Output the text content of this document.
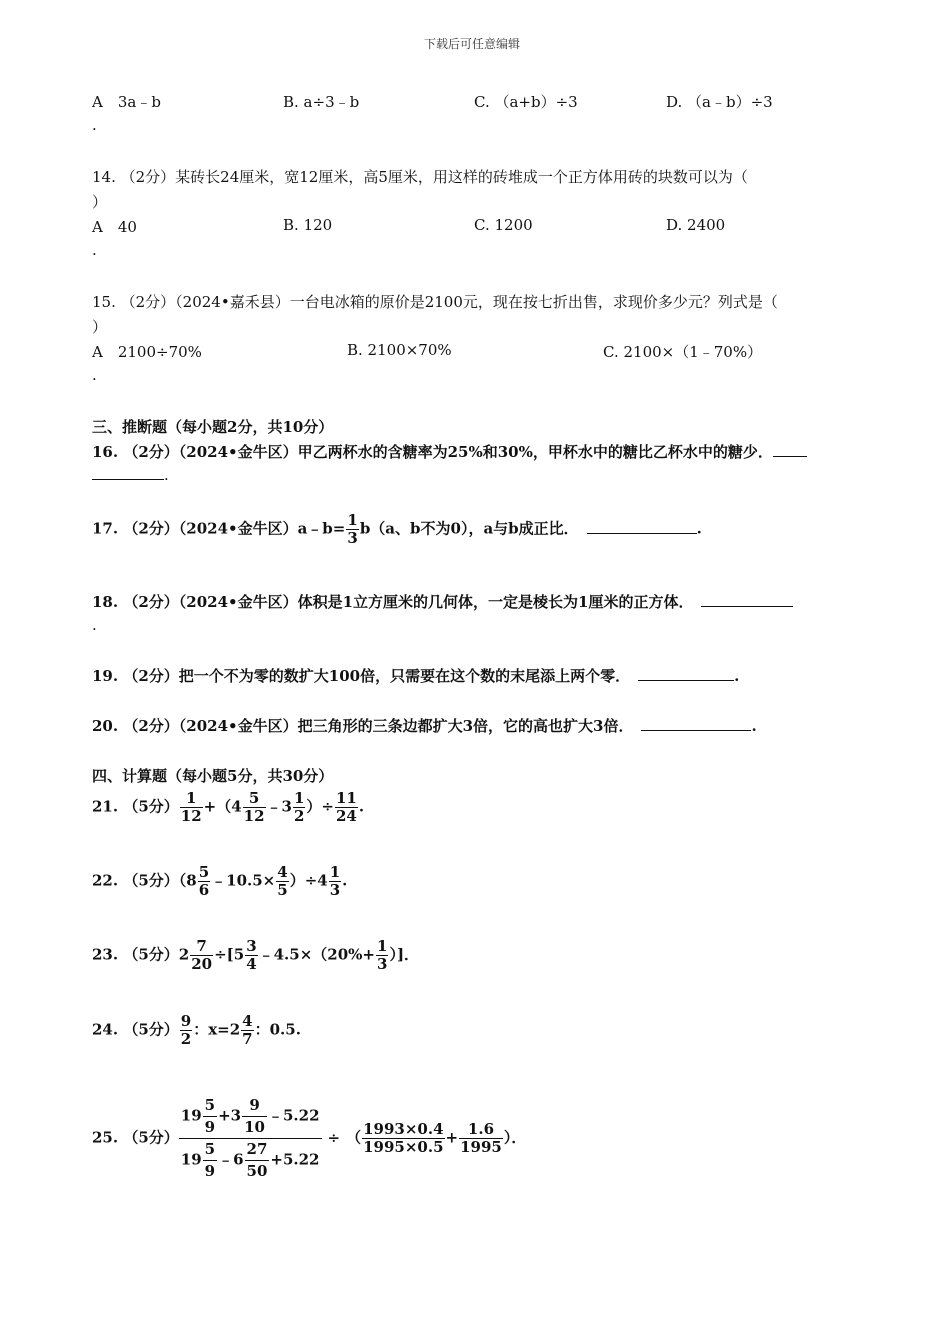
下载后可任意编辑
A　3a﹣b	B. a÷3﹣b	C. （a+b）÷3	D. （a﹣b）÷3
.
14. （2分）某砖长24厘米，宽12厘米，高5厘米，用这样的砖堆成一个正方体用砖的块数可以为（
）
A　40	B. 120	C. 1200	D. 2400
.
15. （2分）（2024•嘉禾县）一台电冰箱的原价是2100元，现在按七折出售，求现价多少元？列式是（
）
A　2100÷70%	B. 2100×70%	C. 2100×（1﹣70%）
.
三、推断题（每小题2分，共10分）
16. （2分）（2024•金牛区）甲乙两杯水的含糖率为25%和30%，甲杯水中的糖比乙杯水中的糖少．
.
17. （2分）（2024•金牛区）a﹣b= $\frac{1}{3} b(a$、b不为0），a与b成正比．	.
18. （2分）（2024•金牛区）体积是1立方厘米的几何体，一定是棱长为1厘米的正方体．
.
19. （2分）把一个不为零的数扩大100倍，只需要在这个数的末尾添上两个零．	.
20. （2分）（2024•金牛区）把三角形的三条边都扩大3倍，它的高也扩大3倍．	.
四、计算题（每小题5分，共30分）
21. （5分） $\frac{1}{12} +(4 \frac{5}{12}$ ﹣3 $\frac{1}{2}$ ）÷ $\frac{11}{24}$ .
22. （5分）（$8 \frac{5}{6}$ ﹣10.5× $\frac{4}{5} )\div 4 \frac{1}{3}$ .
23. （5分）$2 \frac{7}{20} \div[5 \frac{3}{4}$ ﹣4.5×（20%+ $\frac{1}{3}$ ）]．
24. （5分） $\frac{9}{2}$ ：$x=2 \frac{4}{7}$ ：0.5.
25. （5分） $\frac{19 \frac{5}{9} +3 \frac{9}{10} ﹣5.22}{19 \frac{5}{9} ﹣6 \frac{27}{50} +5.22}$ ÷ （ $\frac{1993\times 0.4}{1995\times 0.5} + \frac{1.6}{1995}$ ）．
